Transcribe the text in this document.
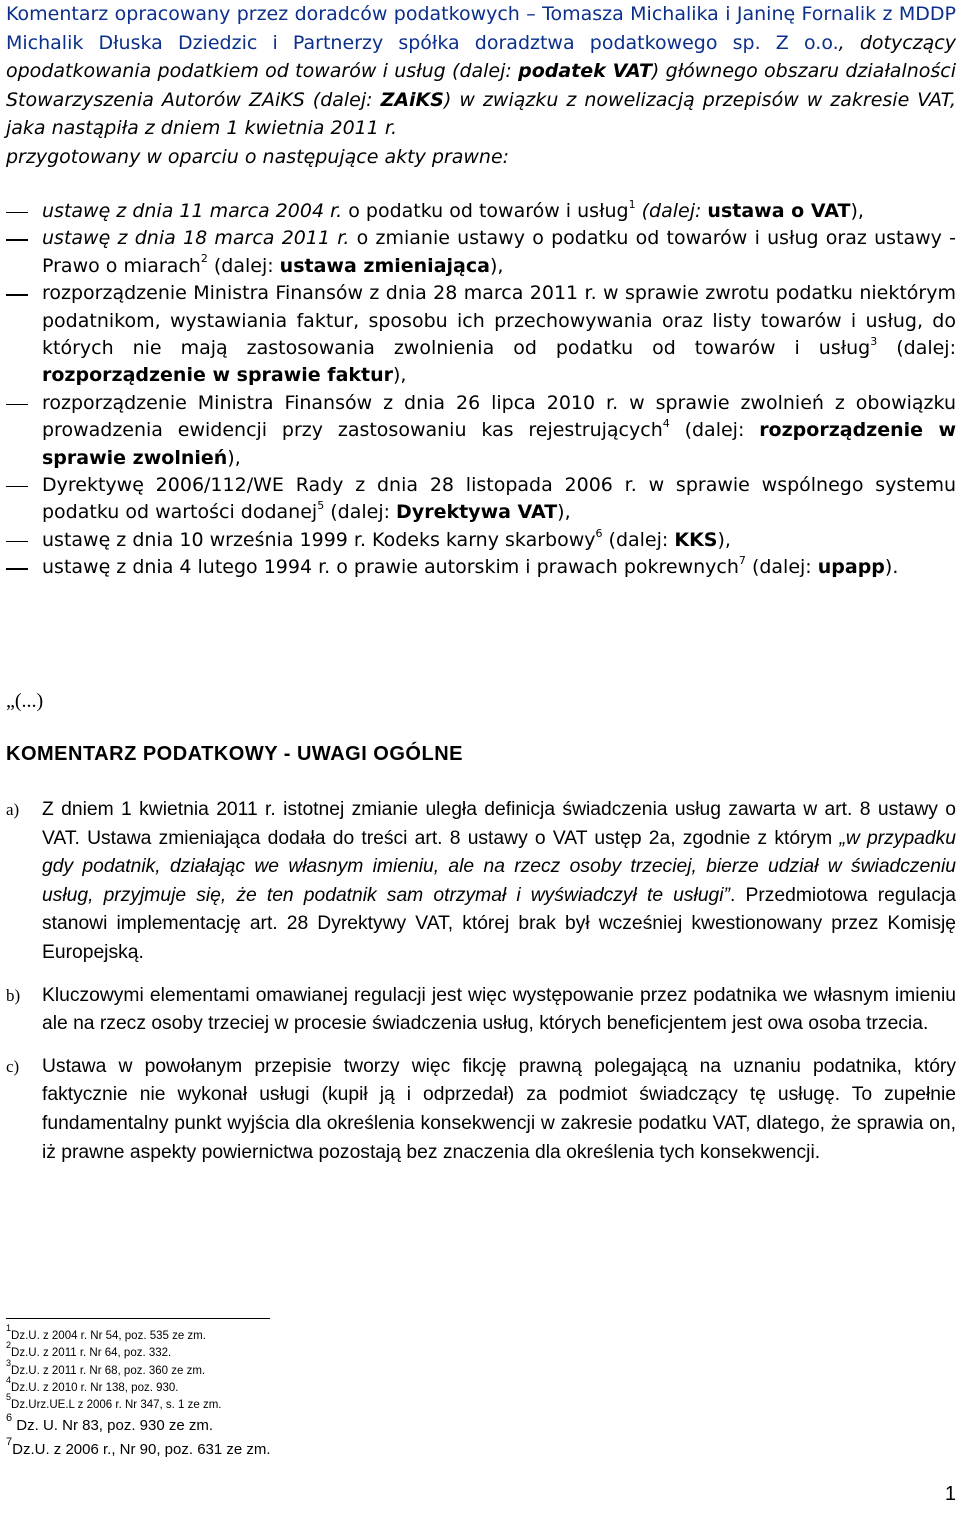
Komentarz opracowany przez doradców podatkowych – Tomasza Michalika i Janinę Fornalik z MDDP Michalik Dłuska Dziedzic i Partnerzy spółka doradztwa podatkowego sp. Z o.o., dotyczący opodatkowania podatkiem od towarów i usług (dalej: podatek VAT) głównego obszaru działalności Stowarzyszenia Autorów ZAiKS (dalej: ZAiKS) w związku z nowelizacją przepisów w zakresie VAT, jaka nastąpiła z dniem 1 kwietnia 2011 r.
przygotowany w oparciu o następujące akty prawne:
ustawę z dnia 11 marca 2004 r. o podatku od towarów i usług$^1$ (dalej: ustawa o VAT),
ustawę z dnia 18 marca 2011 r. o zmianie ustawy o podatku od towarów i usług oraz ustawy - Prawo o miarach$^2$ (dalej: ustawa zmieniająca),
rozporządzenie Ministra Finansów z dnia 28 marca 2011 r. w sprawie zwrotu podatku niektórym podatnikom, wystawiania faktur, sposobu ich przechowywania oraz listy towarów i usług, do których nie mają zastosowania zwolnienia od podatku od towarów i usług$^3$ (dalej: rozporządzenie w sprawie faktur),
rozporządzenie Ministra Finansów z dnia 26 lipca 2010 r. w sprawie zwolnień z obowiązku prowadzenia ewidencji przy zastosowaniu kas rejestrujących$^4$ (dalej: rozporządzenie w sprawie zwolnień),
Dyrektywę 2006/112/WE Rady z dnia 28 listopada 2006 r. w sprawie wspólnego systemu podatku od wartości dodanej$^5$ (dalej: Dyrektywa VAT),
ustawę z dnia 10 września 1999 r. Kodeks karny skarbowy$^6$ (dalej: KKS),
ustawę z dnia 4 lutego 1994 r. o prawie autorskim i prawach pokrewnych$^7$ (dalej: upapp).
„(...)
KOMENTARZ PODATKOWY - UWAGI OGÓLNE
a) Z dniem 1 kwietnia 2011 r. istotnej zmianie uległa definicja świadczenia usług zawarta w art. 8 ustawy o VAT. Ustawa zmieniająca dodała do treści art. 8 ustawy o VAT ustęp 2a, zgodnie z którym „w przypadku gdy podatnik, działając we własnym imieniu, ale na rzecz osoby trzeciej, bierze udział w świadczeniu usług, przyjmuje się, że ten podatnik sam otrzymał i wyświadczył te usługi”. Przedmiotowa regulacja stanowi implementację art. 28 Dyrektywy VAT, której brak był wcześniej kwestionowany przez Komisję Europejską.
b) Kluczowymi elementami omawianej regulacji jest więc występowanie przez podatnika we własnym imieniu ale na rzecz osoby trzeciej w procesie świadczenia usług, których beneficjentem jest owa osoba trzecia.
c) Ustawa w powołanym przepisie tworzy więc fikcję prawną polegającą na uznaniu podatnika, który faktycznie nie wykonał usługi (kupił ją i odprzedał) za podmiot świadczący tę usługę. To zupełnie fundamentalny punkt wyjścia dla określenia konsekwencji w zakresie podatku VAT, dlatego, że sprawia on, iż prawne aspekty powiernictwa pozostają bez znaczenia dla określenia tych konsekwencji.
$^1$Dz.U. z 2004 r. Nr 54, poz. 535 ze zm.
$^2$Dz.U. z 2011 r. Nr 64, poz. 332.
$^3$Dz.U. z 2011 r. Nr 68, poz. 360 ze zm.
$^4$Dz.U. z 2010 r. Nr 138, poz. 930.
$^5$Dz.Urz.UE.L z 2006 r. Nr 347, s. 1 ze zm.
$^6$ Dz. U. Nr 83, poz. 930 ze zm.
$^7$Dz.U. z 2006 r., Nr 90, poz. 631 ze zm.
1
